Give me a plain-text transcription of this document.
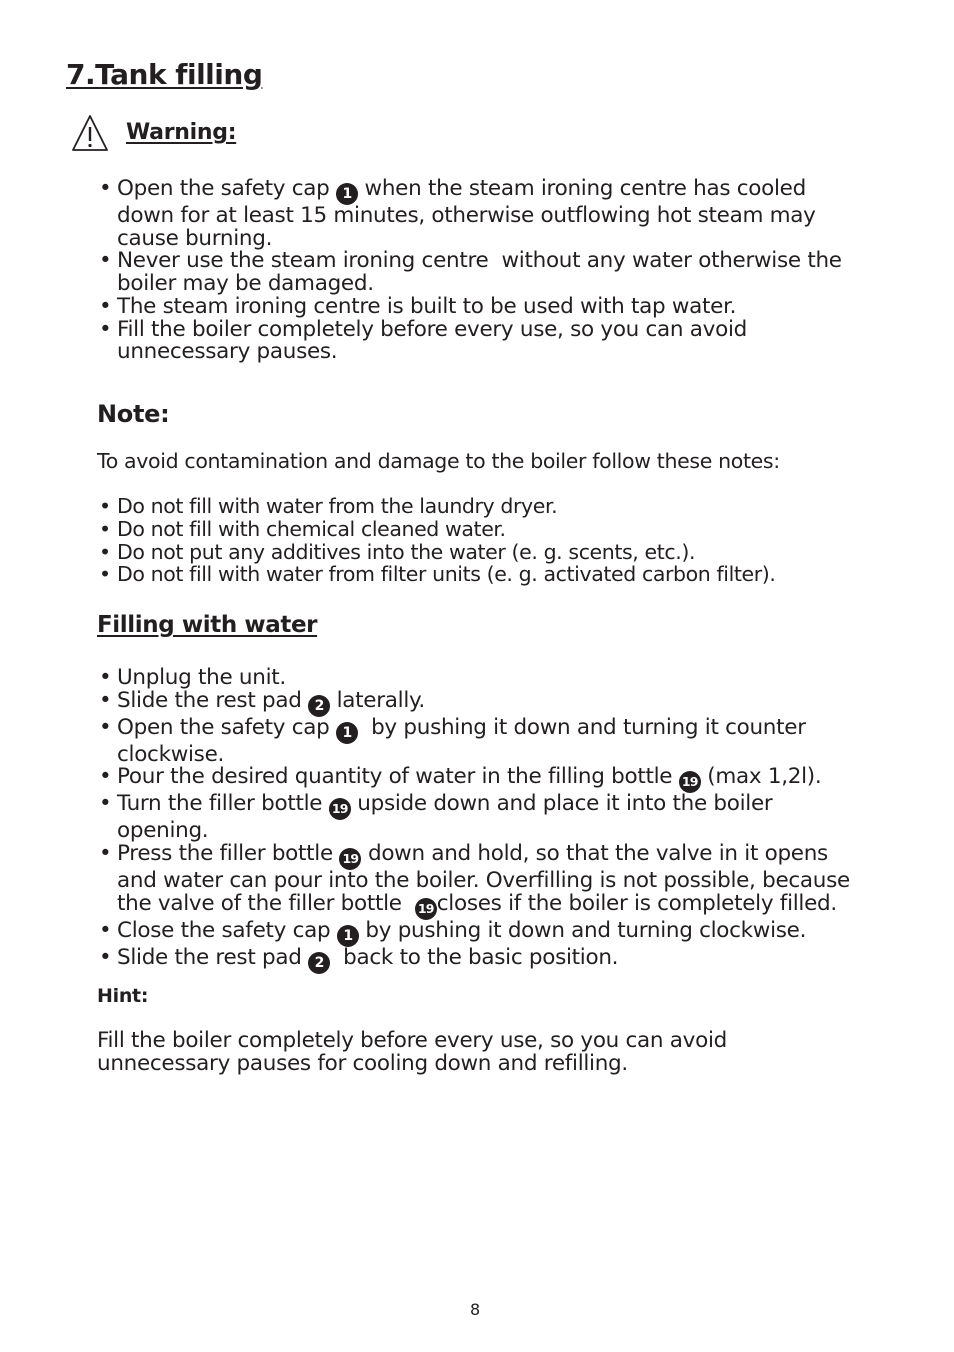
7.Tank filling
Warning:
• Open the safety cap 1 when the steam ironing centre has cooled
down for at least 15 minutes, otherwise outflowing hot steam may
cause burning.
• Never use the steam ironing centre  without any water otherwise the
boiler may be damaged.
• The steam ironing centre is built to be used with tap water.
• Fill the boiler completely before every use, so you can avoid
unnecessary pauses.
Note:
To avoid contamination and damage to the boiler follow these notes:
• Do not fill with water from the laundry dryer.
• Do not fill with chemical cleaned water.
• Do not put any additives into the water (e. g. scents, etc.).
• Do not fill with water from filter units (e. g. activated carbon filter).
Filling with water
• Unplug the unit.
• Slide the rest pad 2 laterally.
• Open the safety cap 1  by pushing it down and turning it counter
clockwise.
• Pour the desired quantity of water in the filling bottle 19 (max 1,2l).
• Turn the filler bottle 19 upside down and place it into the boiler
opening.
• Press the filler bottle 19 down and hold, so that the valve in it opens
and water can pour into the boiler. Overfilling is not possible, because
the valve of the filler bottle  19 closes if the boiler is completely filled.
• Close the safety cap 1 by pushing it down and turning clockwise.
• Slide the rest pad 2  back to the basic position.
Hint:
Fill the boiler completely before every use, so you can avoid
unnecessary pauses for cooling down and refilling.
8
